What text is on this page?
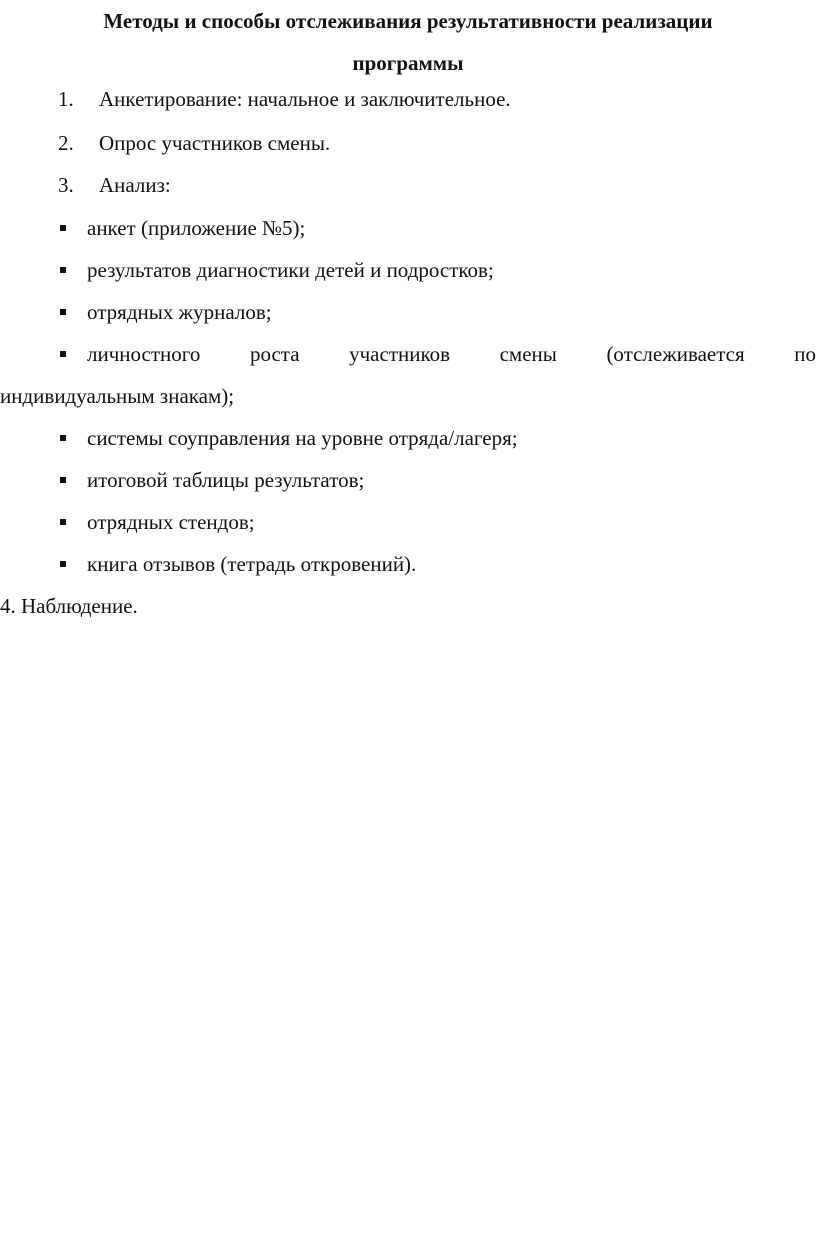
Методы и способы отслеживания результативности реализации
программы
1. Анкетирование: начальное и заключительное.
2. Опрос участников смены.
3. Анализ:
анкет (приложение №5);
результатов диагностики детей и подростков;
отрядных журналов;
личностного роста участников смены (отслеживается по
индивидуальным знакам);
системы соуправления на уровне отряда/лагеря;
итоговой таблицы результатов;
отрядных стендов;
книга отзывов (тетрадь откровений).
4. Наблюдение.
